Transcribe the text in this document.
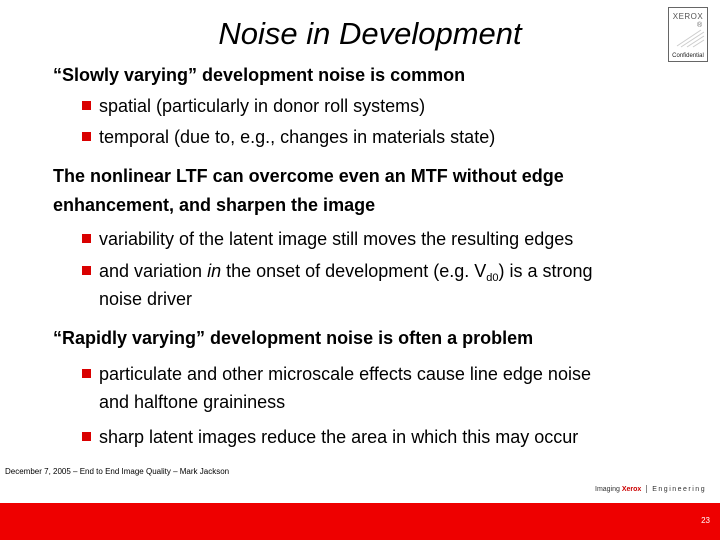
Noise in Development	XEROX
®
Confidential
“Slowly varying” development noise is common
spatial (particularly in donor roll systems)
temporal (due to, e.g., changes in materials state)
The nonlinear LTF can overcome even an MTF without edge
enhancement, and sharpen the image
variability of the latent image still moves the resulting edges
and variation in the onset of development (e.g. $V_{d0}$) is a strong
noise driver
“Rapidly varying” development noise is often a problem
particulate and other microscale effects cause line edge noise
and halftone graininess
sharp latent images reduce the area in which this may occur
December 7, 2005 – End to End Image Quality – Mark Jackson
Imaging Xerox Engineering
23
